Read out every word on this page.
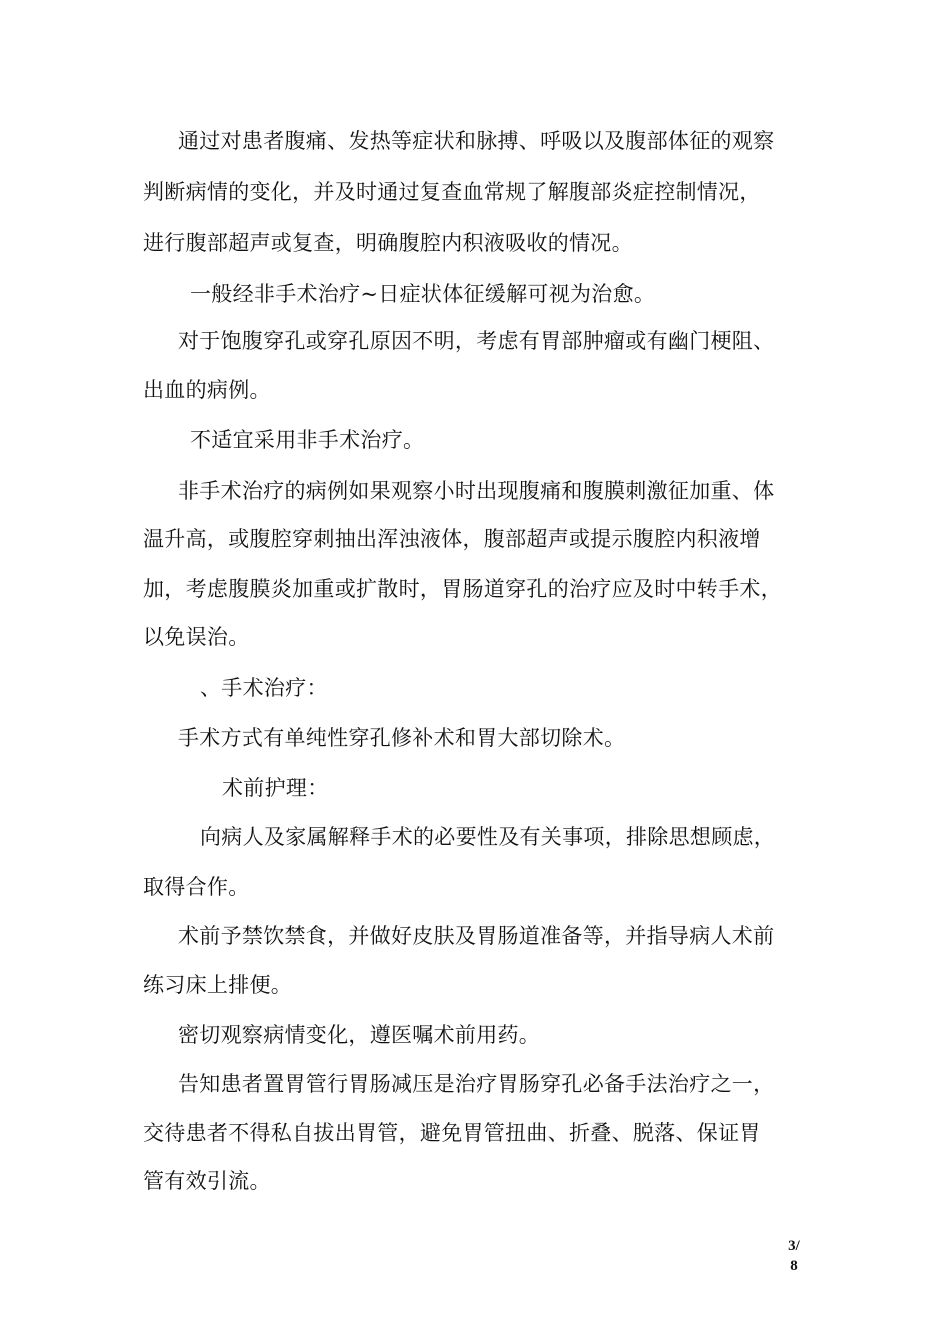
通过对患者腹痛、发热等症状和脉搏、呼吸以及腹部体征的观察
判断病情的变化，并及时通过复查血常规了解腹部炎症控制情况，
进行腹部超声或复查，明确腹腔内积液吸收的情况。
一般经非手术治疗~日症状体征缓解可视为治愈。
对于饱腹穿孔或穿孔原因不明，考虑有胃部肿瘤或有幽门梗阻、
出血的病例。
不适宜采用非手术治疗。
非手术治疗的病例如果观察小时出现腹痛和腹膜刺激征加重、体
温升高，或腹腔穿刺抽出浑浊液体，腹部超声或提示腹腔内积液增
加，考虑腹膜炎加重或扩散时，胃肠道穿孔的治疗应及时中转手术，
以免误治。
、手术治疗：
手术方式有单纯性穿孔修补术和胃大部切除术。
术前护理：
向病人及家属解释手术的必要性及有关事项，排除思想顾虑，
取得合作。
术前予禁饮禁食，并做好皮肤及胃肠道准备等，并指导病人术前
练习床上排便。
密切观察病情变化，遵医嘱术前用药。
告知患者置胃管行胃肠减压是治疗胃肠穿孔必备手法治疗之一，
交待患者不得私自拔出胃管，避免胃管扭曲、折叠、脱落、保证胃
管有效引流。
3/
8
